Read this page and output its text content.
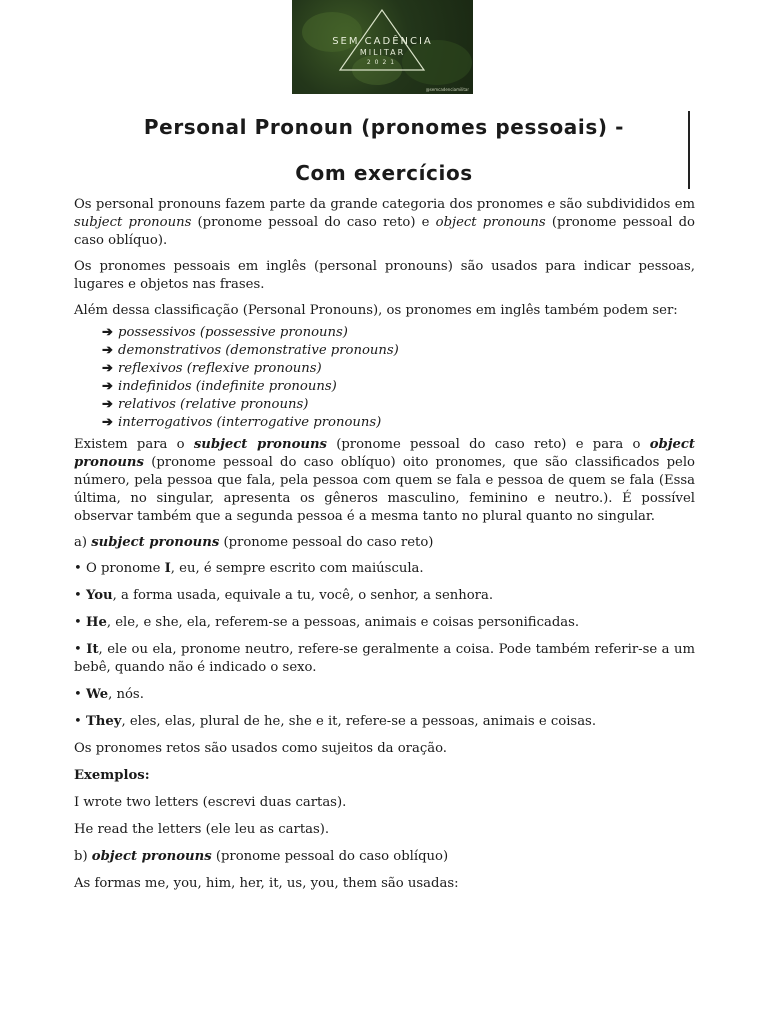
SEM CADÊNCIA
MILITAR
2021
@semcadenciamilitar
Personal Pronoun (pronomes pessoais) -
Com exercícios

Os personal pronouns fazem parte da grande categoria dos pronomes e são subdivididos em subject pronouns (pronome pessoal do caso reto) e object pronouns (pronome pessoal do caso oblíquo).

Os pronomes pessoais em inglês (personal pronouns) são usados para indicar pessoas, lugares e objetos nas frases.

Além dessa classificação (Personal Pronouns), os pronomes em inglês também podem ser:

➔ possessivos (possessive pronouns)
➔ demonstrativos (demonstrative pronouns)
➔ reflexivos (reflexive pronouns)
➔ indefinidos (indefinite pronouns)
➔ relativos (relative pronouns)
➔ interrogativos (interrogative pronouns)

Existem para o subject pronouns (pronome pessoal do caso reto) e para o object pronouns (pronome pessoal do caso oblíquo) oito pronomes, que são classificados pelo número, pela pessoa que fala, pela pessoa com quem se fala e pessoa de quem se fala (Essa última, no singular, apresenta os gêneros masculino, feminino e neutro.). É possível observar também que a segunda pessoa é a mesma tanto no plural quanto no singular.

a) subject pronouns (pronome pessoal do caso reto)

• O pronome I, eu, é sempre escrito com maiúscula.

• You, a forma usada, equivale a tu, você, o senhor, a senhora.

• He, ele, e she, ela, referem-se a pessoas, animais e coisas personificadas.

• It, ele ou ela, pronome neutro, refere-se geralmente a coisa. Pode também referir-se a um bebê, quando não é indicado o sexo.

• We, nós.

• They, eles, elas, plural de he, she e it, refere-se a pessoas, animais e coisas.

Os pronomes retos são usados como sujeitos da oração.

Exemplos:

I wrote two letters (escrevi duas cartas).

He read the letters (ele leu as cartas).

b) object pronouns (pronome pessoal do caso oblíquo)

As formas me, you, him, her, it, us, you, them são usadas:
